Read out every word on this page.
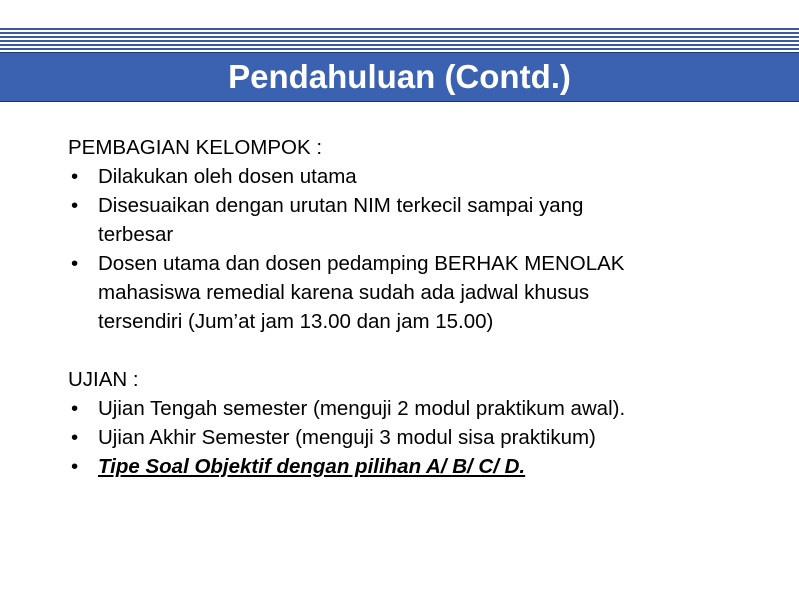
Pendahuluan (Contd.)
PEMBAGIAN KELOMPOK :
• Dilakukan oleh dosen utama
• Disesuaikan dengan urutan NIM terkecil sampai yang
terbesar
• Dosen utama dan dosen pedamping BERHAK MENOLAK
mahasiswa remedial karena sudah ada jadwal khusus
tersendiri (Jum’at jam 13.00 dan jam 15.00)
UJIAN :
• Ujian Tengah semester (menguji 2 modul praktikum awal).
• Ujian Akhir Semester (menguji 3 modul sisa praktikum)
• Tipe Soal Objektif dengan pilihan A/ B/ C/ D.
